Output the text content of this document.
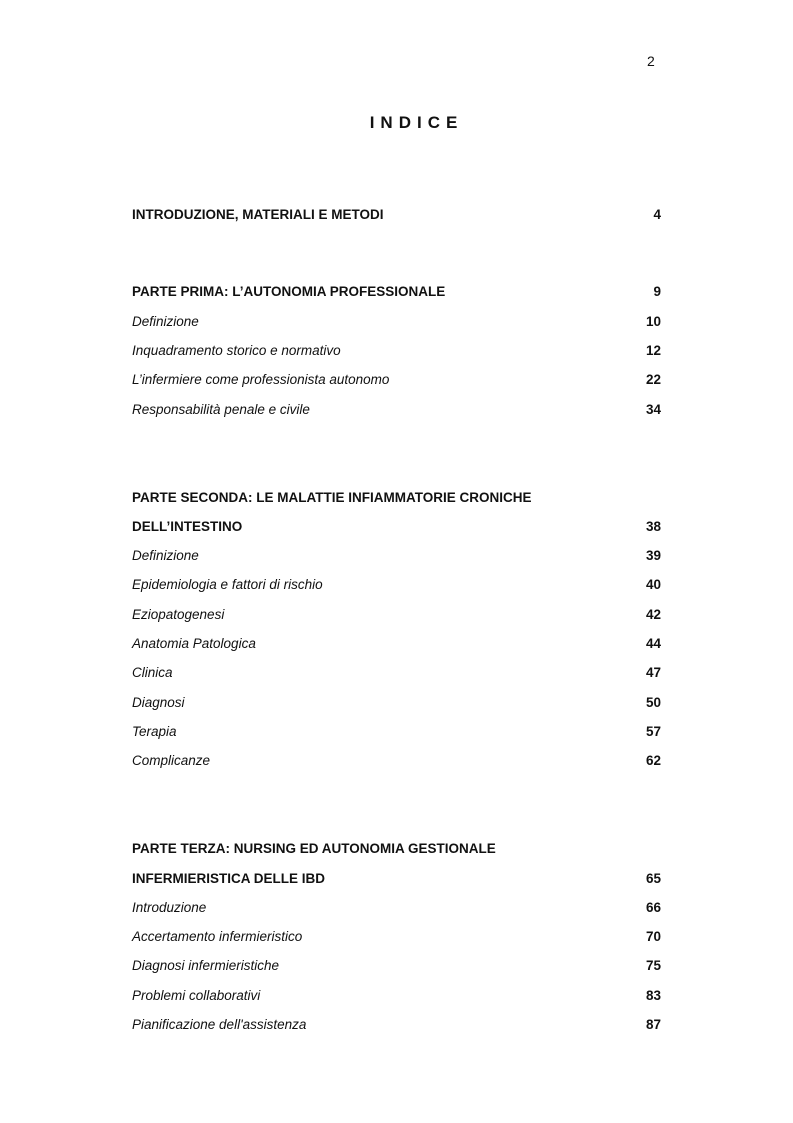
2
INDICE
INTRODUZIONE, MATERIALI E METODI	4
PARTE PRIMA: L’AUTONOMIA PROFESSIONALE	9
Definizione	10
Inquadramento storico e normativo	12
L’infermiere come professionista autonomo	22
Responsabilità penale e civile	34
PARTE SECONDA: LE MALATTIE INFIAMMATORIE CRONICHE
DELL’INTESTINO	38
Definizione	39
Epidemiologia e fattori di rischio	40
Eziopatogenesi	42
Anatomia Patologica	44
Clinica	47
Diagnosi	50
Terapia	57
Complicanze	62
PARTE TERZA: NURSING ED AUTONOMIA GESTIONALE
INFERMIERISTICA DELLE IBD	65
Introduzione	66
Accertamento infermieristico	70
Diagnosi infermieristiche	75
Problemi collaborativi	83
Pianificazione dell'assistenza	87
